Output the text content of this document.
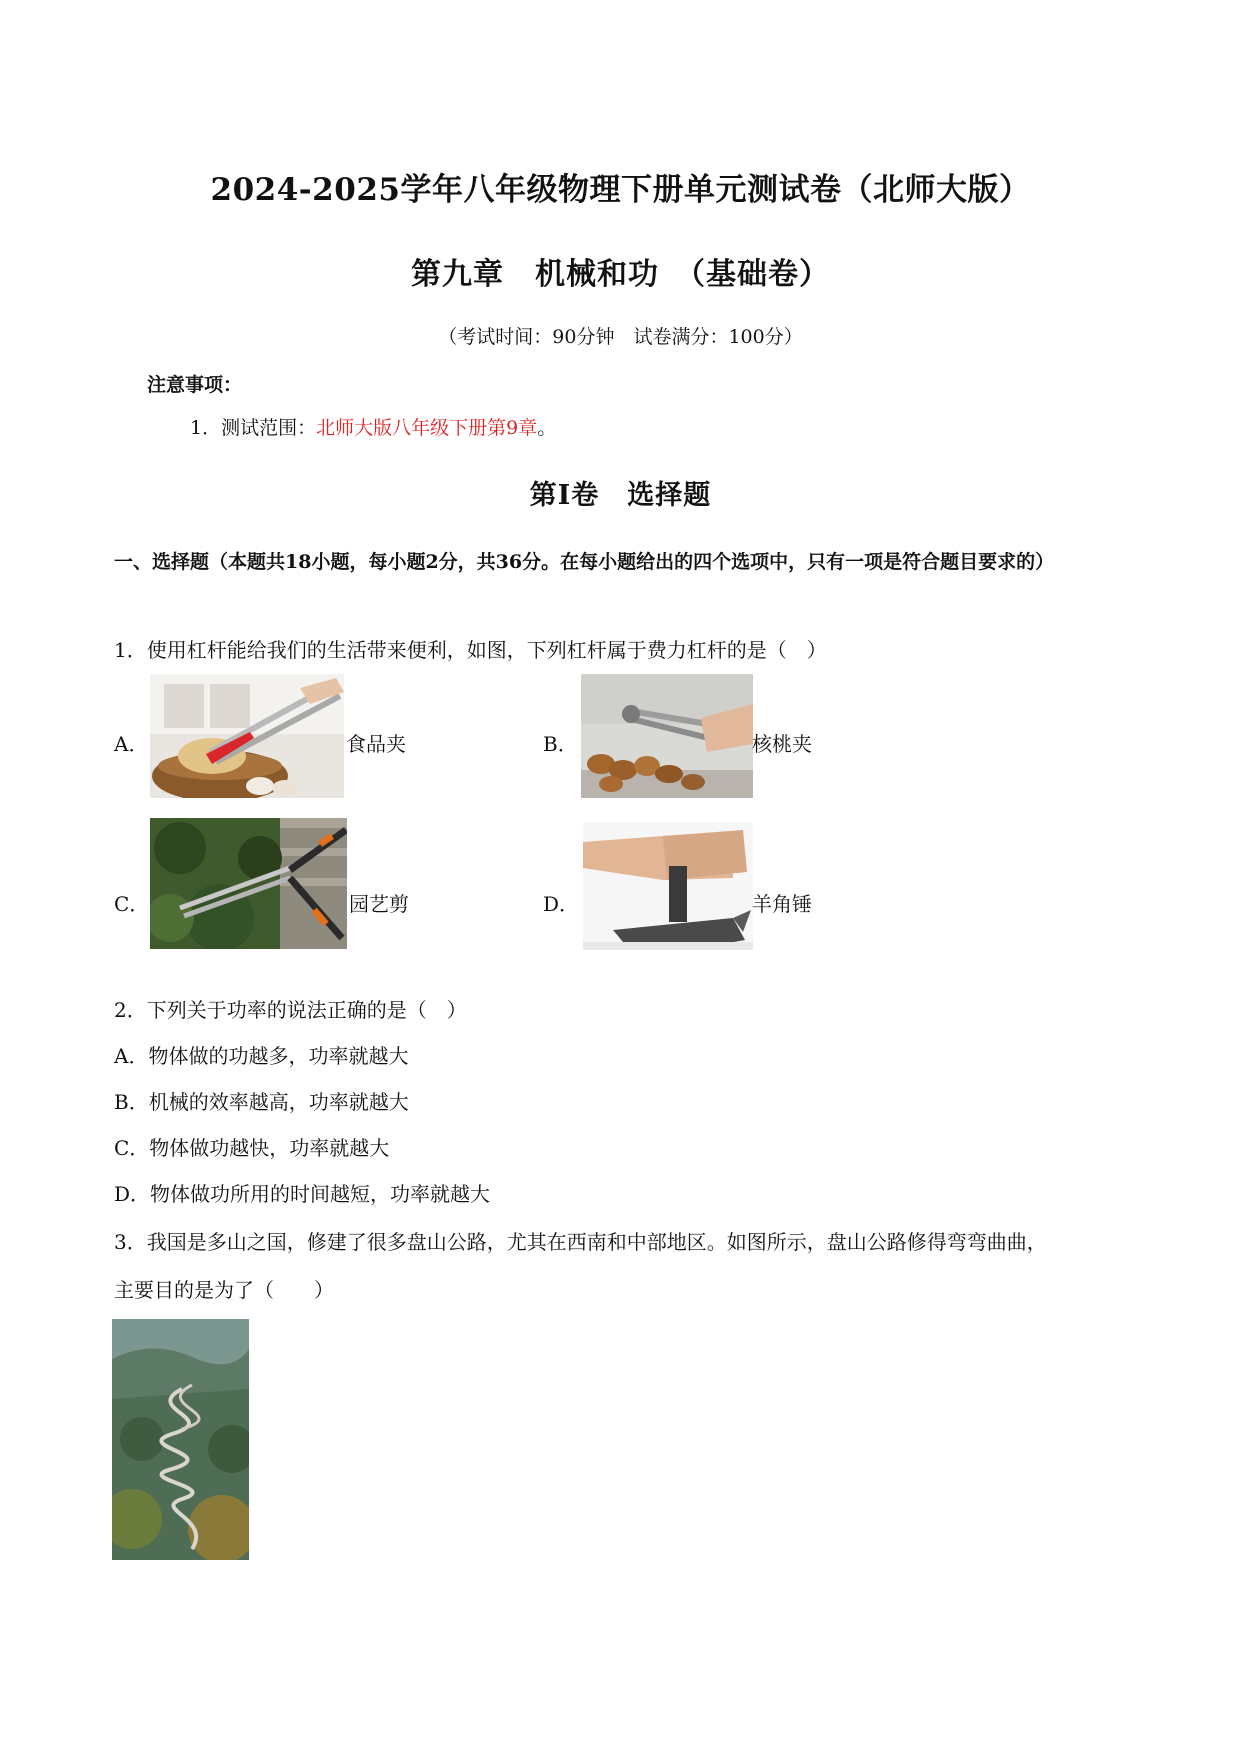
2024-2025学年八年级物理下册单元测试卷（北师大版）
第九章　机械和功　（基础卷）
（考试时间：90分钟　试卷满分：100分）
注意事项：
1．测试范围：北师大版八年级下册第9章。
第Ⅰ卷　选择题
一、选择题（本题共18小题，每小题2分，共36分。在每小题给出的四个选项中，只有一项是符合题目要求的）
1．使用杠杆能给我们的生活带来便利，如图，下列杠杆属于费力杠杆的是（　）
A．	食品夹	B．	核桃夹
C．	园艺剪	D．	羊角锤
2．下列关于功率的说法正确的是（　）
A．物体做的功越多，功率就越大
B．机械的效率越高，功率就越大
C．物体做功越快，功率就越大
D．物体做功所用的时间越短，功率就越大
3．我国是多山之国，修建了很多盘山公路，尤其在西南和中部地区。如图所示，盘山公路修得弯弯曲曲，
主要目的是为了（　　）
